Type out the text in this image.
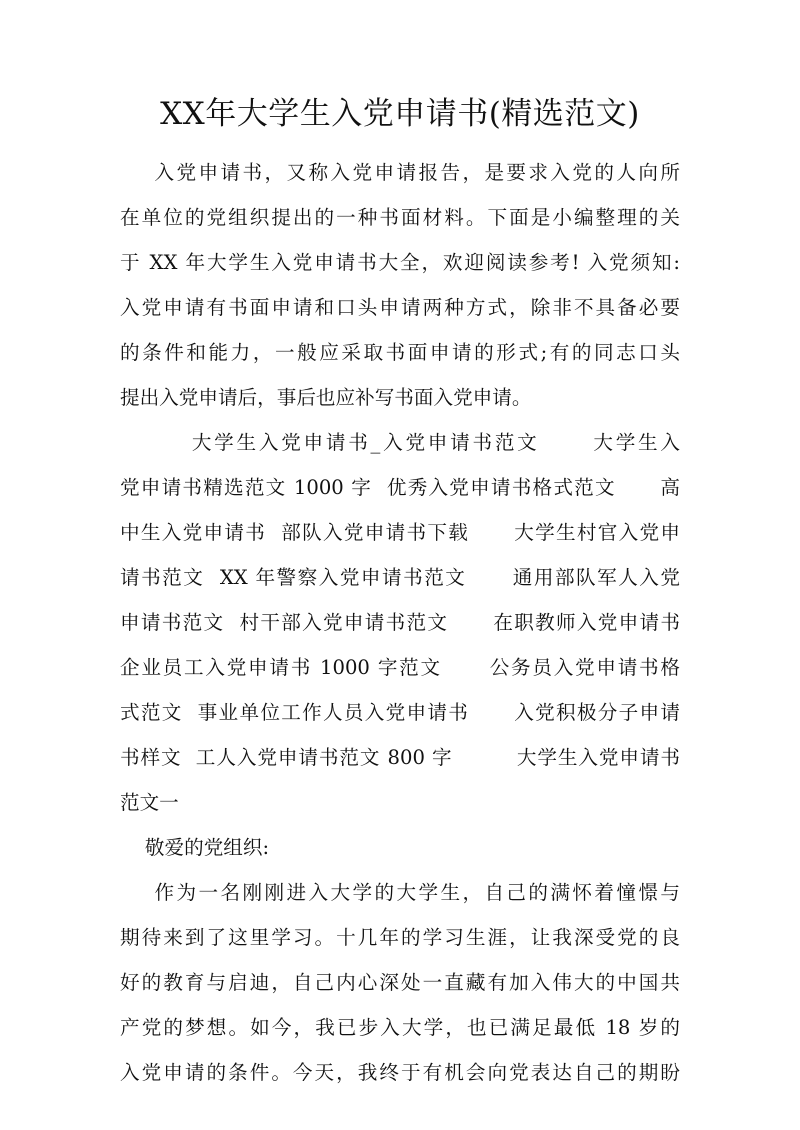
XX年大学生入党申请书(精选范文)
入党申请书，又称入党申请报告，是要求入党的人向所
在单位的党组织提出的一种书面材料。下面是小编整理的关
于 XX 年大学生入党申请书大全，欢迎阅读参考! 入党须知:
入党申请有书面申请和口头申请两种方式，除非不具备必要
的条件和能力，一般应采取书面申请的形式;有的同志口头
提出入党申请后，事后也应补写书面入党申请。
大学生入党申请书_入党申请书范文      大学生入
党申请书精选范文 1000 字  优秀入党申请书格式范文      高
中生入党申请书  部队入党申请书下载      大学生村官入党申
请书范文  XX 年警察入党申请书范文      通用部队军人入党
申请书范文  村干部入党申请书范文      在职教师入党申请书
企业员工入党申请书 1000 字范文      公务员入党申请书格
式范文  事业单位工作人员入党申请书      入党积极分子申请
书样文  工人入党申请书范文 800 字         大学生入党申请书
范文一
敬爱的党组织:
作为一名刚刚进入大学的大学生，自己的满怀着憧憬与
期待来到了这里学习。十几年的学习生涯，让我深受党的良
好的教育与启迪，自己内心深处一直藏有加入伟大的中国共
产党的梦想。如今，我已步入大学，也已满足最低 18 岁的
入党申请的条件。今天，我终于有机会向党表达自己的期盼
